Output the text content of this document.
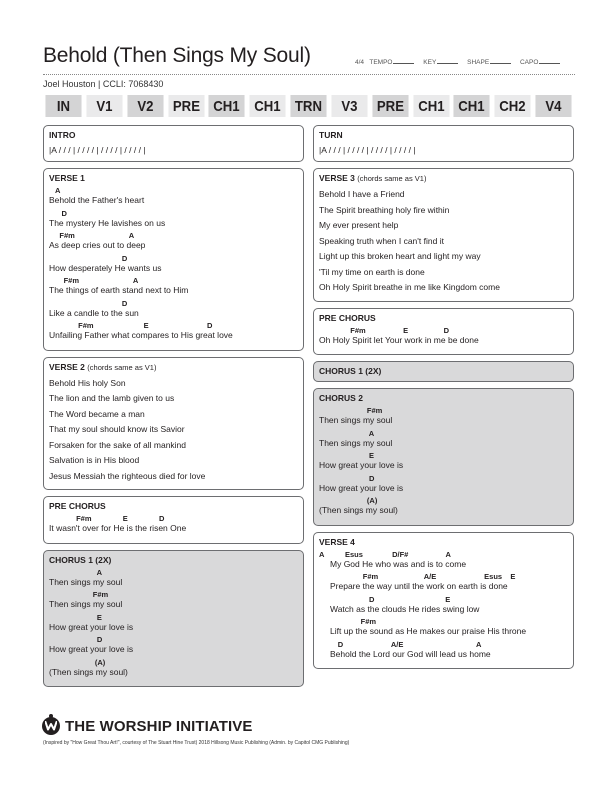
Behold (Then Sings My Soul)	4/4 TEMPO	KEY	SHAPE	CAPO
Joel Houston | CCLI: 7068430
IN	V1	V2	PRE CH1 CH1 TRN	V3	PRE CH1 CH1 CH2	V4
INTRO
|A / / / | / / / / | / / / / | / / / / |
VERSE 1
A
Behold the Father's heart
D
The mystery He lavishes on us
F#m                          A
As deep cries out to deep
D
How desperately He wants us
F#m                          A
The things of earth stand next to Him
D
Like a candle to the sun
F#m                        E                            D
Unfailing Father what compares to His great love
VERSE 2 (chords same as V1)
Behold His holy Son
The lion and the lamb given to us
The Word became a man
That my soul should know its Savior
Forsaken for the sake of all mankind
Salvation is in His blood
Jesus Messiah the righteous died for love
PRE CHORUS
F#m               E               D
It wasn't over for He is the risen One
CHORUS 1 (2X)
A
Then sings my soul
F#m
Then sings my soul
E
How great your love is
D
How great your love is
(A)
(Then sings my soul)
TURN
|A / / / | / / / / | / / / / | / / / / |
VERSE 3 (chords same as V1)
Behold I have a Friend
The Spirit breathing holy fire within
My ever present help
Speaking truth when I can't find it
Light up this broken heart and light my way
'Til my time on earth is done
Oh Holy Spirit breathe in me like Kingdom come
PRE CHORUS
F#m                  E                 D
Oh Holy Spirit let Your work in me be done
CHORUS 1 (2X)
CHORUS 2
F#m
Then sings my soul
A
Then sings my soul
E
How great your love is
D
How great your love is
(A)
(Then sings my soul)
VERSE 4
A          Esus              D/F#                  A
My God He who was and is to come
F#m                      A/E                       Esus    E
Prepare the way until the work on earth is done
D                                  E
Watch as the clouds He rides swing low
F#m
Lift up the sound as He makes our praise His throne
D                       A/E                                   A
Behold the Lord our God will lead us home
THE WORSHIP INITIATIVE
(Inspired by "How Great Thou Art!", courtesy of The Stuart Hine Trust) 2018 Hillsong Music Publishing (Admin. by Capitol CMG Publishing)
